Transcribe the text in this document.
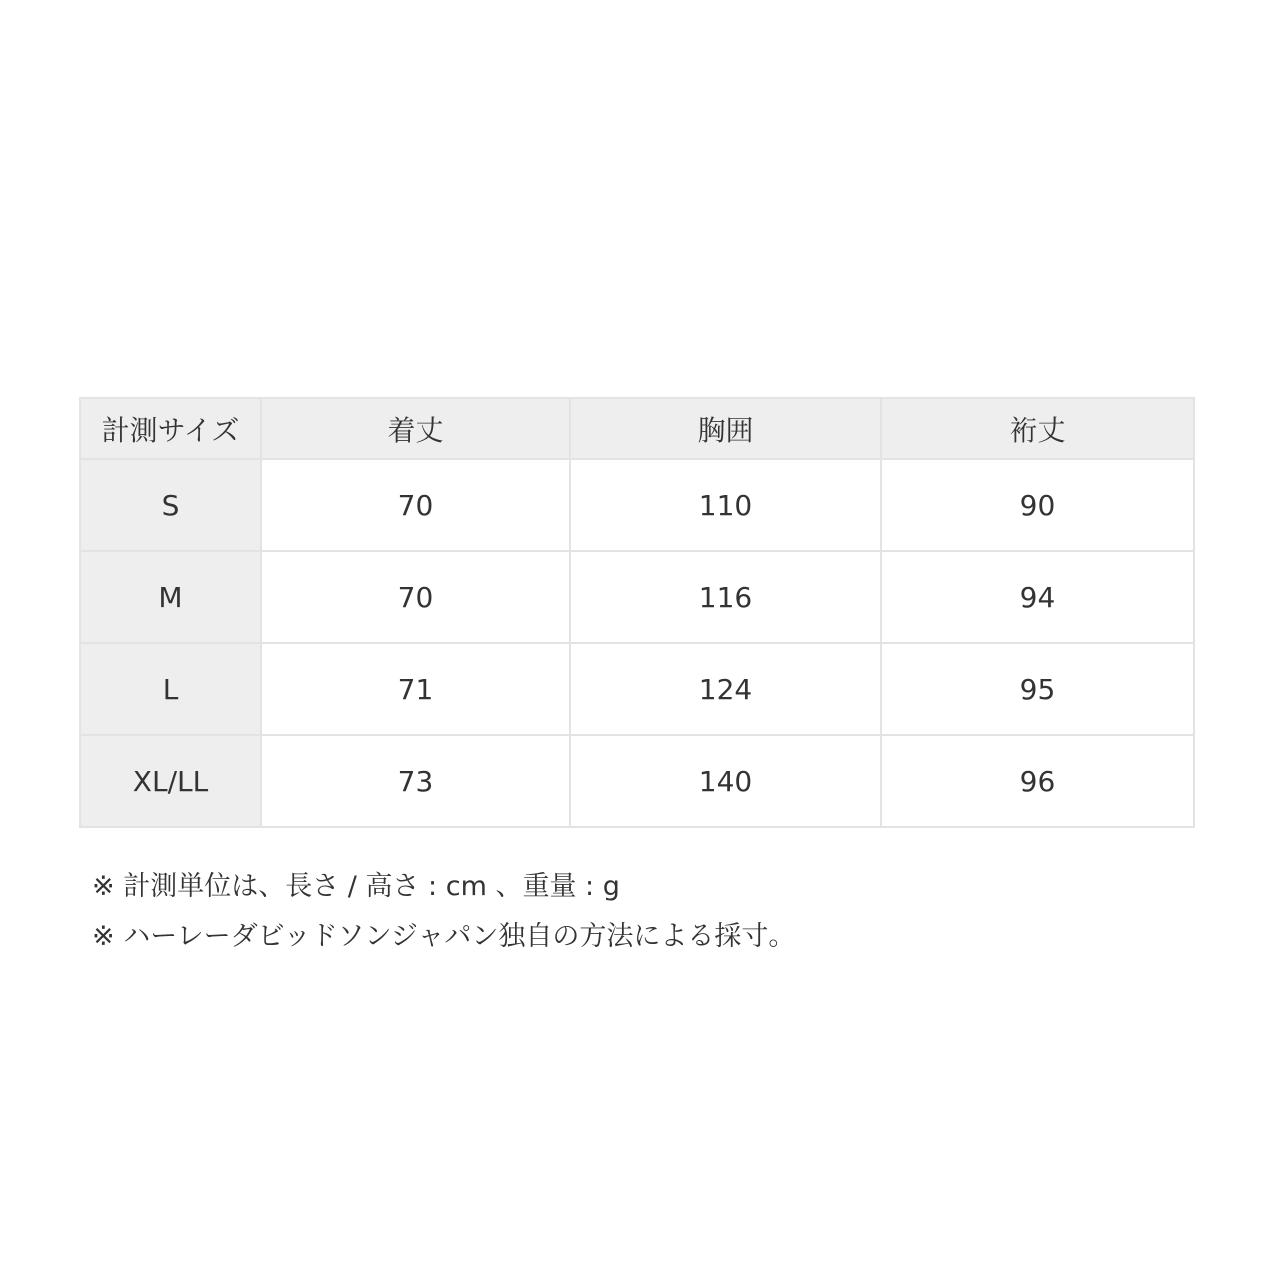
計測サイズ	着丈	胸囲	裄丈
S	70	110	90
M	70	116	94
L	71	124	95
XL/LL	73	140	96
※ 計測単位は、長さ / 高さ : cm 、重量 : g
※ ハーレーダビッドソンジャパン独自の方法による採寸。
